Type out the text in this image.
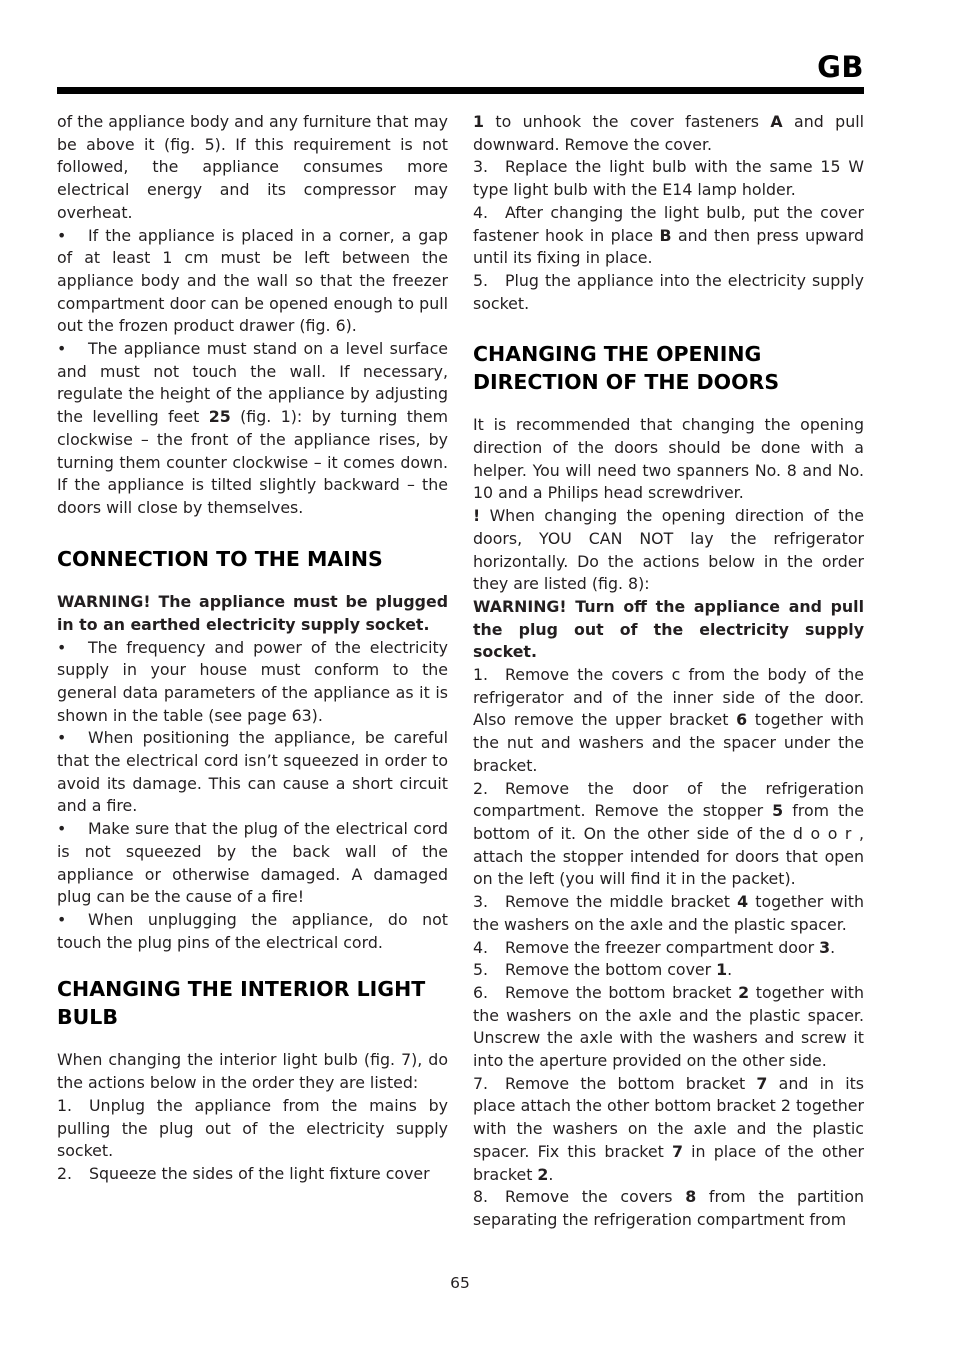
GB

of the appliance body and any furniture that may be above it (fig. 5). If this requirement is not followed, the appliance consumes more electrical energy and its compressor may overheat.

• If the appliance is placed in a corner, a gap of at least 1 cm must be left between the appliance body and the wall so that the freezer compartment door can be opened enough to pull out the frozen product drawer (fig. 6).

• The appliance must stand on a level surface and must not touch the wall. If necessary, regulate the height of the appliance by adjusting the levelling feet 25 (fig. 1): by turning them clockwise – the front of the appliance rises, by turning them counter clockwise – it comes down. If the appliance is tilted slightly backward – the doors will close by themselves.

CONNECTION TO THE MAINS

WARNING! The appliance must be plugged in to an earthed electricity supply socket.

• The frequency and power of the electricity supply in your house must conform to the general data parameters of the appliance as it is shown in the table (see page 63).

• When positioning the appliance, be careful that the electrical cord isn’t squeezed in order to avoid its damage. This can cause a short circuit and a fire.

• Make sure that the plug of the electrical cord is not squeezed by the back wall of the appliance or otherwise damaged. A damaged plug can be the cause of a fire!

• When unplugging the appliance, do not touch the plug pins of the electrical cord.

CHANGING THE INTERIOR LIGHT BULB

When changing the interior light bulb (fig. 7), do the actions below in the order they are listed:

1. Unplug the appliance from the mains by pulling the plug out of the electricity supply socket.

2. Squeeze the sides of the light fixture cover

1 to unhook the cover fasteners A and pull downward. Remove the cover.

3. Replace the light bulb with the same 15 W type light bulb with the E14 lamp holder.

4. After changing the light bulb, put the cover fastener hook in place B and then press upward until its fixing in place.

5. Plug the appliance into the electricity supply socket.

CHANGING THE OPENING DIRECTION OF THE DOORS

It is recommended that changing the opening direction of the doors should be done with a helper. You will need two spanners No. 8 and No. 10 and a Philips head screwdriver.

! When changing the opening direction of the doors, YOU CAN NOT lay the refrigerator horizontally. Do the actions below in the order they are listed (fig. 8):

WARNING! Turn off the appliance and pull the plug out of the electricity supply socket.

1. Remove the covers c from the body of the refrigerator and of the inner side of the door. Also remove the upper bracket 6 together with the nut and washers and the spacer under the bracket.

2. Remove the door of the refrigeration compartment. Remove the stopper 5 from the bottom of it. On the other side of the d o o r , attach the stopper intended for doors that open on the left (you will find it in the packet).

3. Remove the middle bracket 4 together with the washers on the axle and the plastic spacer.

4. Remove the freezer compartment door 3.

5. Remove the bottom cover 1.

6. Remove the bottom bracket 2 together with the washers on the axle and the plastic spacer. Unscrew the axle with the washers and screw it into the aperture provided on the other side.

7. Remove the bottom bracket 7 and in its place attach the other bottom bracket 2 together with the washers on the axle and the plastic spacer. Fix this bracket 7 in place of the other bracket 2.

8. Remove the covers 8 from the partition separating the refrigeration compartment from

65
